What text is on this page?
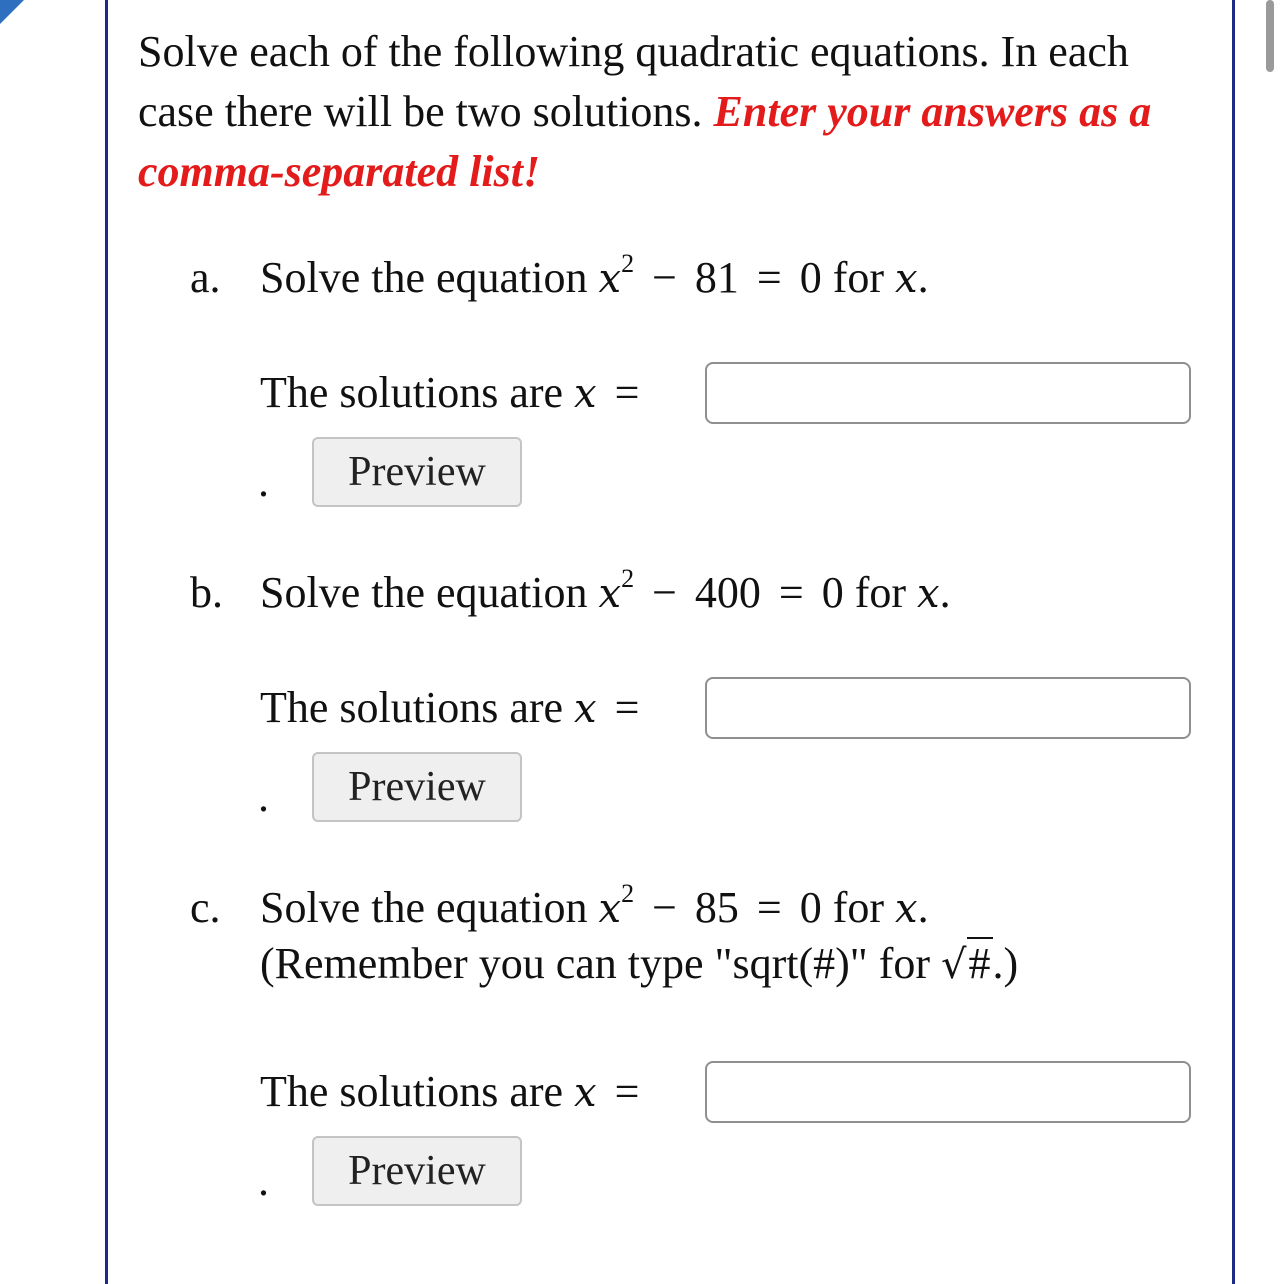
Solve each of the following quadratic equations. In each case there will be two solutions. Enter your answers as a comma-separated list!
a. Solve the equation $x^2 - 81 = 0$ for x.
The solutions are x =
.	Preview
b. Solve the equation $x^2 - 400 = 0$ for x.
The solutions are x =
.	Preview
c. Solve the equation $x^2 - 85 = 0$ for x.
(Remember you can type "sqrt(#)" for √#.)
The solutions are x =
.	Preview
